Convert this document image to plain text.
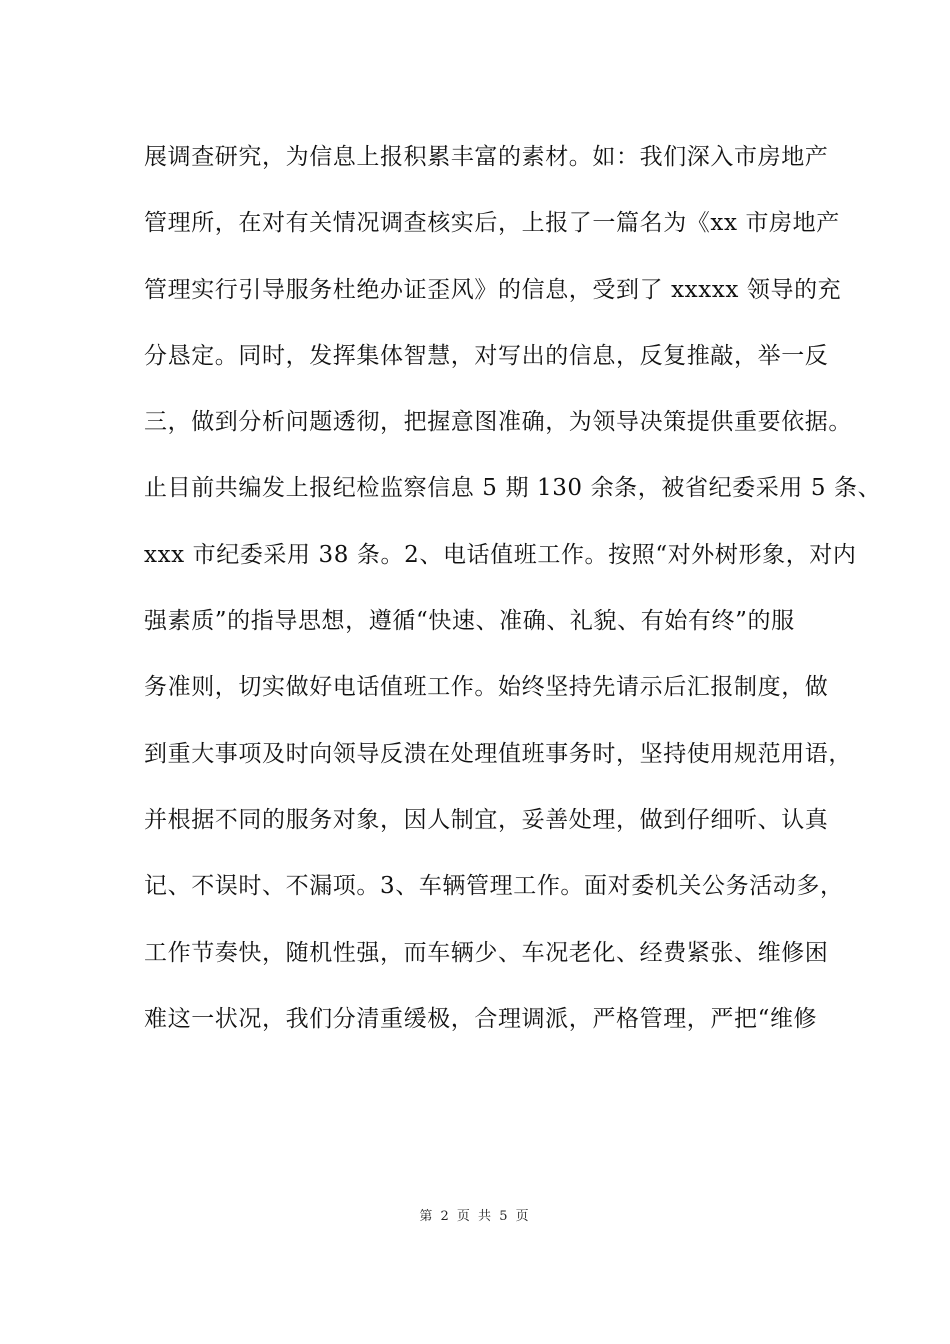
展调查研究，为信息上报积累丰富的素材。如：我们深入市房地产
管理所，在对有关情况调查核实后，上报了一篇名为《xx 市房地产
管理实行引导服务杜绝办证歪风》的信息，受到了 xxxxx 领导的充
分恳定。同时，发挥集体智慧，对写出的信息，反复推敲，举一反
三，做到分析问题透彻，把握意图准确，为领导决策提供重要依据。
止目前共编发上报纪检监察信息 5 期 130 余条，被省纪委采用 5 条、
xxx 市纪委采用 38 条。2、电话值班工作。按照“对外树形象，对内
强素质”的指导思想，遵循“快速、准确、礼貌、有始有终”的服
务准则，切实做好电话值班工作。始终坚持先请示后汇报制度，做
到重大事项及时向领导反溃在处理值班事务时，坚持使用规范用语，
并根据不同的服务对象，因人制宜，妥善处理，做到仔细听、认真
记、不误时、不漏项。3、车辆管理工作。面对委机关公务活动多，
工作节奏快，随机性强，而车辆少、车况老化、经费紧张、维修困
难这一状况，我们分清重缓极，合理调派，严格管理，严把“维修
第 2 页 共 5 页
